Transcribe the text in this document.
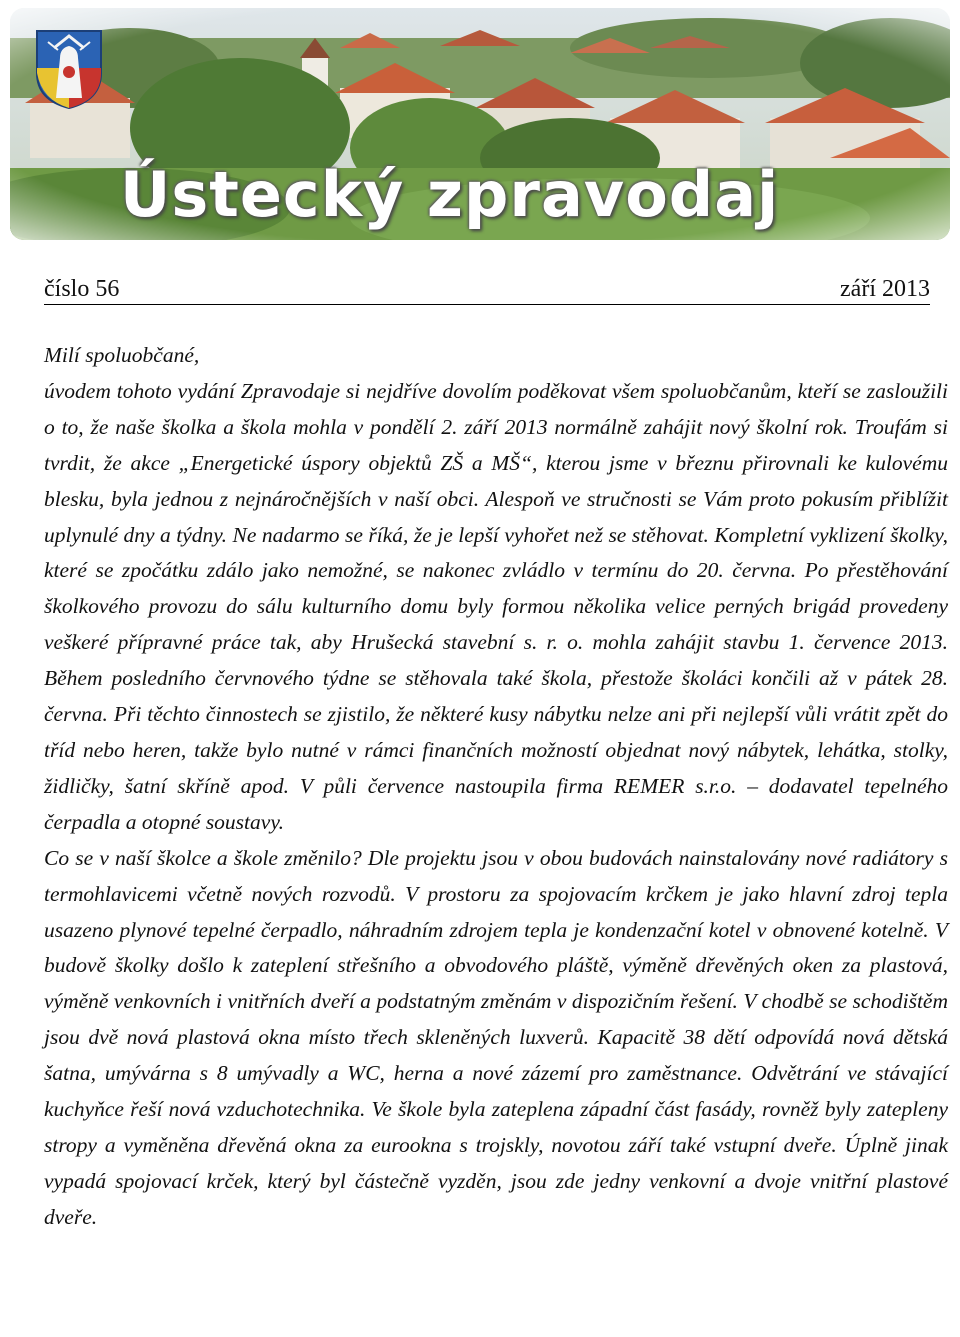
Ústecký zpravodaj
číslo 56	září 2013

Milí spoluobčané,

úvodem tohoto vydání Zpravodaje si nejdříve dovolím poděkovat všem spoluobčanům, kteří se zasloužili o to, že naše školka a škola mohla v pondělí 2. září 2013 normálně zahájit nový školní rok. Troufám si tvrdit, že akce „Energetické úspory objektů ZŠ a MŠ“, kterou jsme v březnu přirovnali ke kulovému blesku, byla jednou z nejnáročnějších v naší obci. Alespoň ve stručnosti se Vám proto pokusím přiblížit uplynulé dny a týdny. Ne nadarmo se říká, že je lepší vyhořet než se stěhovat. Kompletní vyklizení školky, které se zpočátku zdálo jako nemožné, se nakonec zvládlo v termínu do 20. června. Po přestěhování školkového provozu do sálu kulturního domu byly formou několika velice perných brigád provedeny veškeré přípravné práce tak, aby Hrušecká stavební s. r. o. mohla zahájit stavbu 1. července 2013. Během posledního červnového týdne se stěhovala také škola, přestože školáci končili až v pátek 28. června. Při těchto činnostech se zjistilo, že některé kusy nábytku nelze ani při nejlepší vůli vrátit zpět do tříd nebo heren, takže bylo nutné v rámci finančních možností objednat nový nábytek, lehátka, stolky, židličky, šatní skříně apod. V půli července nastoupila firma REMER s.r.o. – dodavatel tepelného čerpadla a otopné soustavy.

Co se v naší školce a škole změnilo? Dle projektu jsou v obou budovách nainstalovány nové radiátory s termohlavicemi včetně nových rozvodů. V prostoru za spojovacím krčkem je jako hlavní zdroj tepla usazeno plynové tepelné čerpadlo, náhradním zdrojem tepla je kondenzační kotel v obnovené kotelně. V budově školky došlo k zateplení střešního a obvodového pláště, výměně dřevěných oken za plastová, výměně venkovních i vnitřních dveří a podstatným změnám v dispozičním řešení. V chodbě se schodištěm jsou dvě nová plastová okna místo třech skleněných luxverů. Kapacitě 38 dětí odpovídá nová dětská šatna, umývárna s 8 umývadly a WC, herna a nové zázemí pro zaměstnance. Odvětrání ve stávající kuchyňce řeší nová vzduchotechnika. Ve škole byla zateplena západní část fasády, rovněž byly zatepleny stropy a vyměněna dřevěná okna za eurookna s trojskly, novotou září také vstupní dveře. Úplně jinak vypadá spojovací krček, který byl částečně vyzděn, jsou zde jedny venkovní a dvoje vnitřní plastové dveře.
